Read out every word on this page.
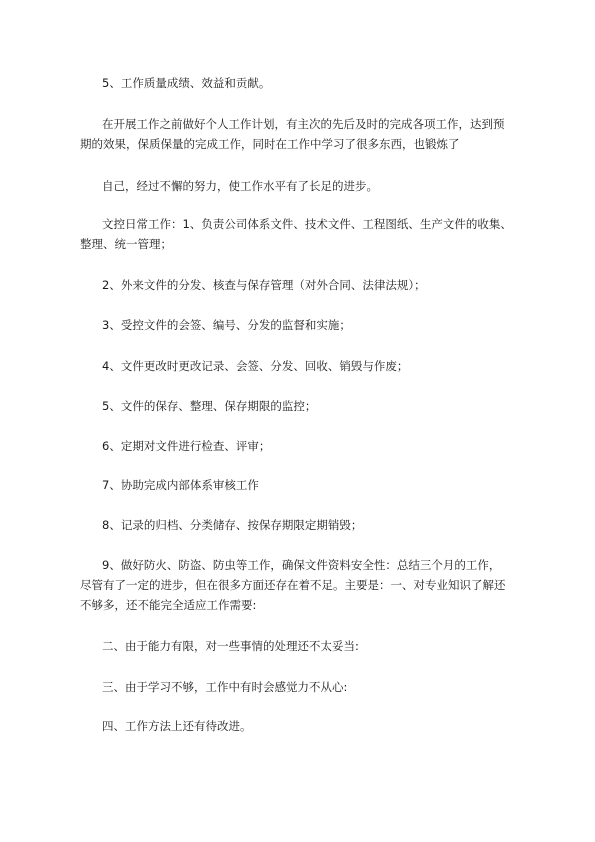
5、工作质量成绩、效益和贡献。

在开展工作之前做好个人工作计划，有主次的先后及时的完成各项工作，达到预
期的效果，保质保量的完成工作，同时在工作中学习了很多东西，也锻炼了

自己，经过不懈的努力，使工作水平有了长足的进步。

文控日常工作：1、负责公司体系文件、技术文件、工程图纸、生产文件的收集、
整理、统一管理；

2、外来文件的分发、核查与保存管理（对外合同、法律法规）；

3、受控文件的会签、编号、分发的监督和实施；

4、文件更改时更改记录、会签、分发、回收、销毁与作废；

5、文件的保存、整理、保存期限的监控；

6、定期对文件进行检查、评审；

7、协助完成内部体系审核工作

8、记录的归档、分类储存、按保存期限定期销毁；

9、做好防火、防盗、防虫等工作，确保文件资料安全性：总结三个月的工作，
尽管有了一定的进步，但在很多方面还存在着不足。主要是：一、对专业知识了解还
不够多，还不能完全适应工作需要:

二、由于能力有限，对一些事情的处理还不太妥当:

三、由于学习不够，工作中有时会感觉力不从心:

四、工作方法上还有待改进。
